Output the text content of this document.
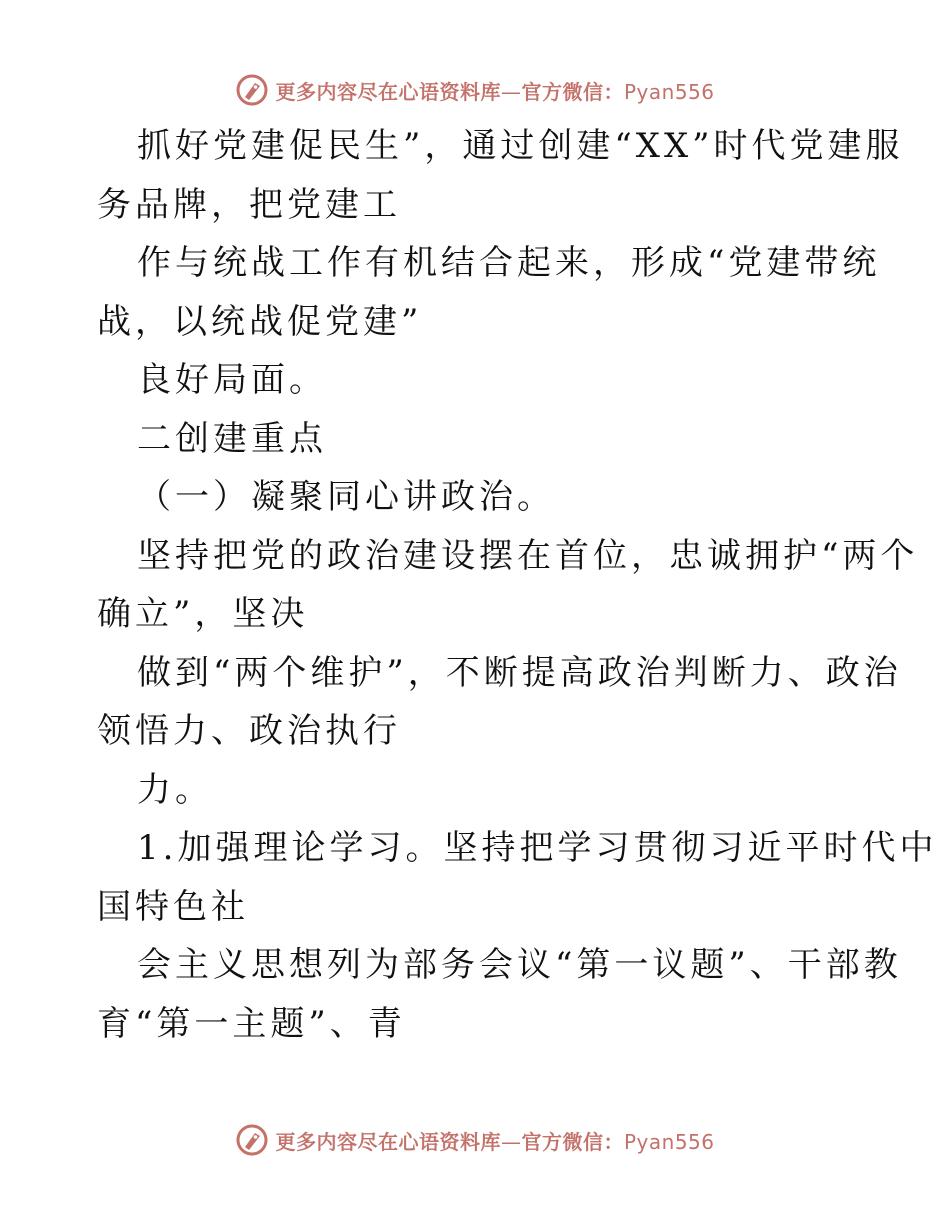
更多内容尽在心语资料库—官方微信：Pyan556
抓好党建促民生”，通过创建“XX”时代党建服
务品牌，把党建工
作与统战工作有机结合起来，形成“党建带统
战，以统战促党建”
良好局面。
二创建重点
（一）凝聚同心讲政治。
坚持把党的政治建设摆在首位，忠诚拥护“两个
确立”，坚决
做到“两个维护”，不断提高政治判断力、政治
领悟力、政治执行
力。
1.加强理论学习。坚持把学习贯彻习近平时代中
国特色社
会主义思想列为部务会议“第一议题”、干部教
育“第一主题”、青
更多内容尽在心语资料库—官方微信：Pyan556
